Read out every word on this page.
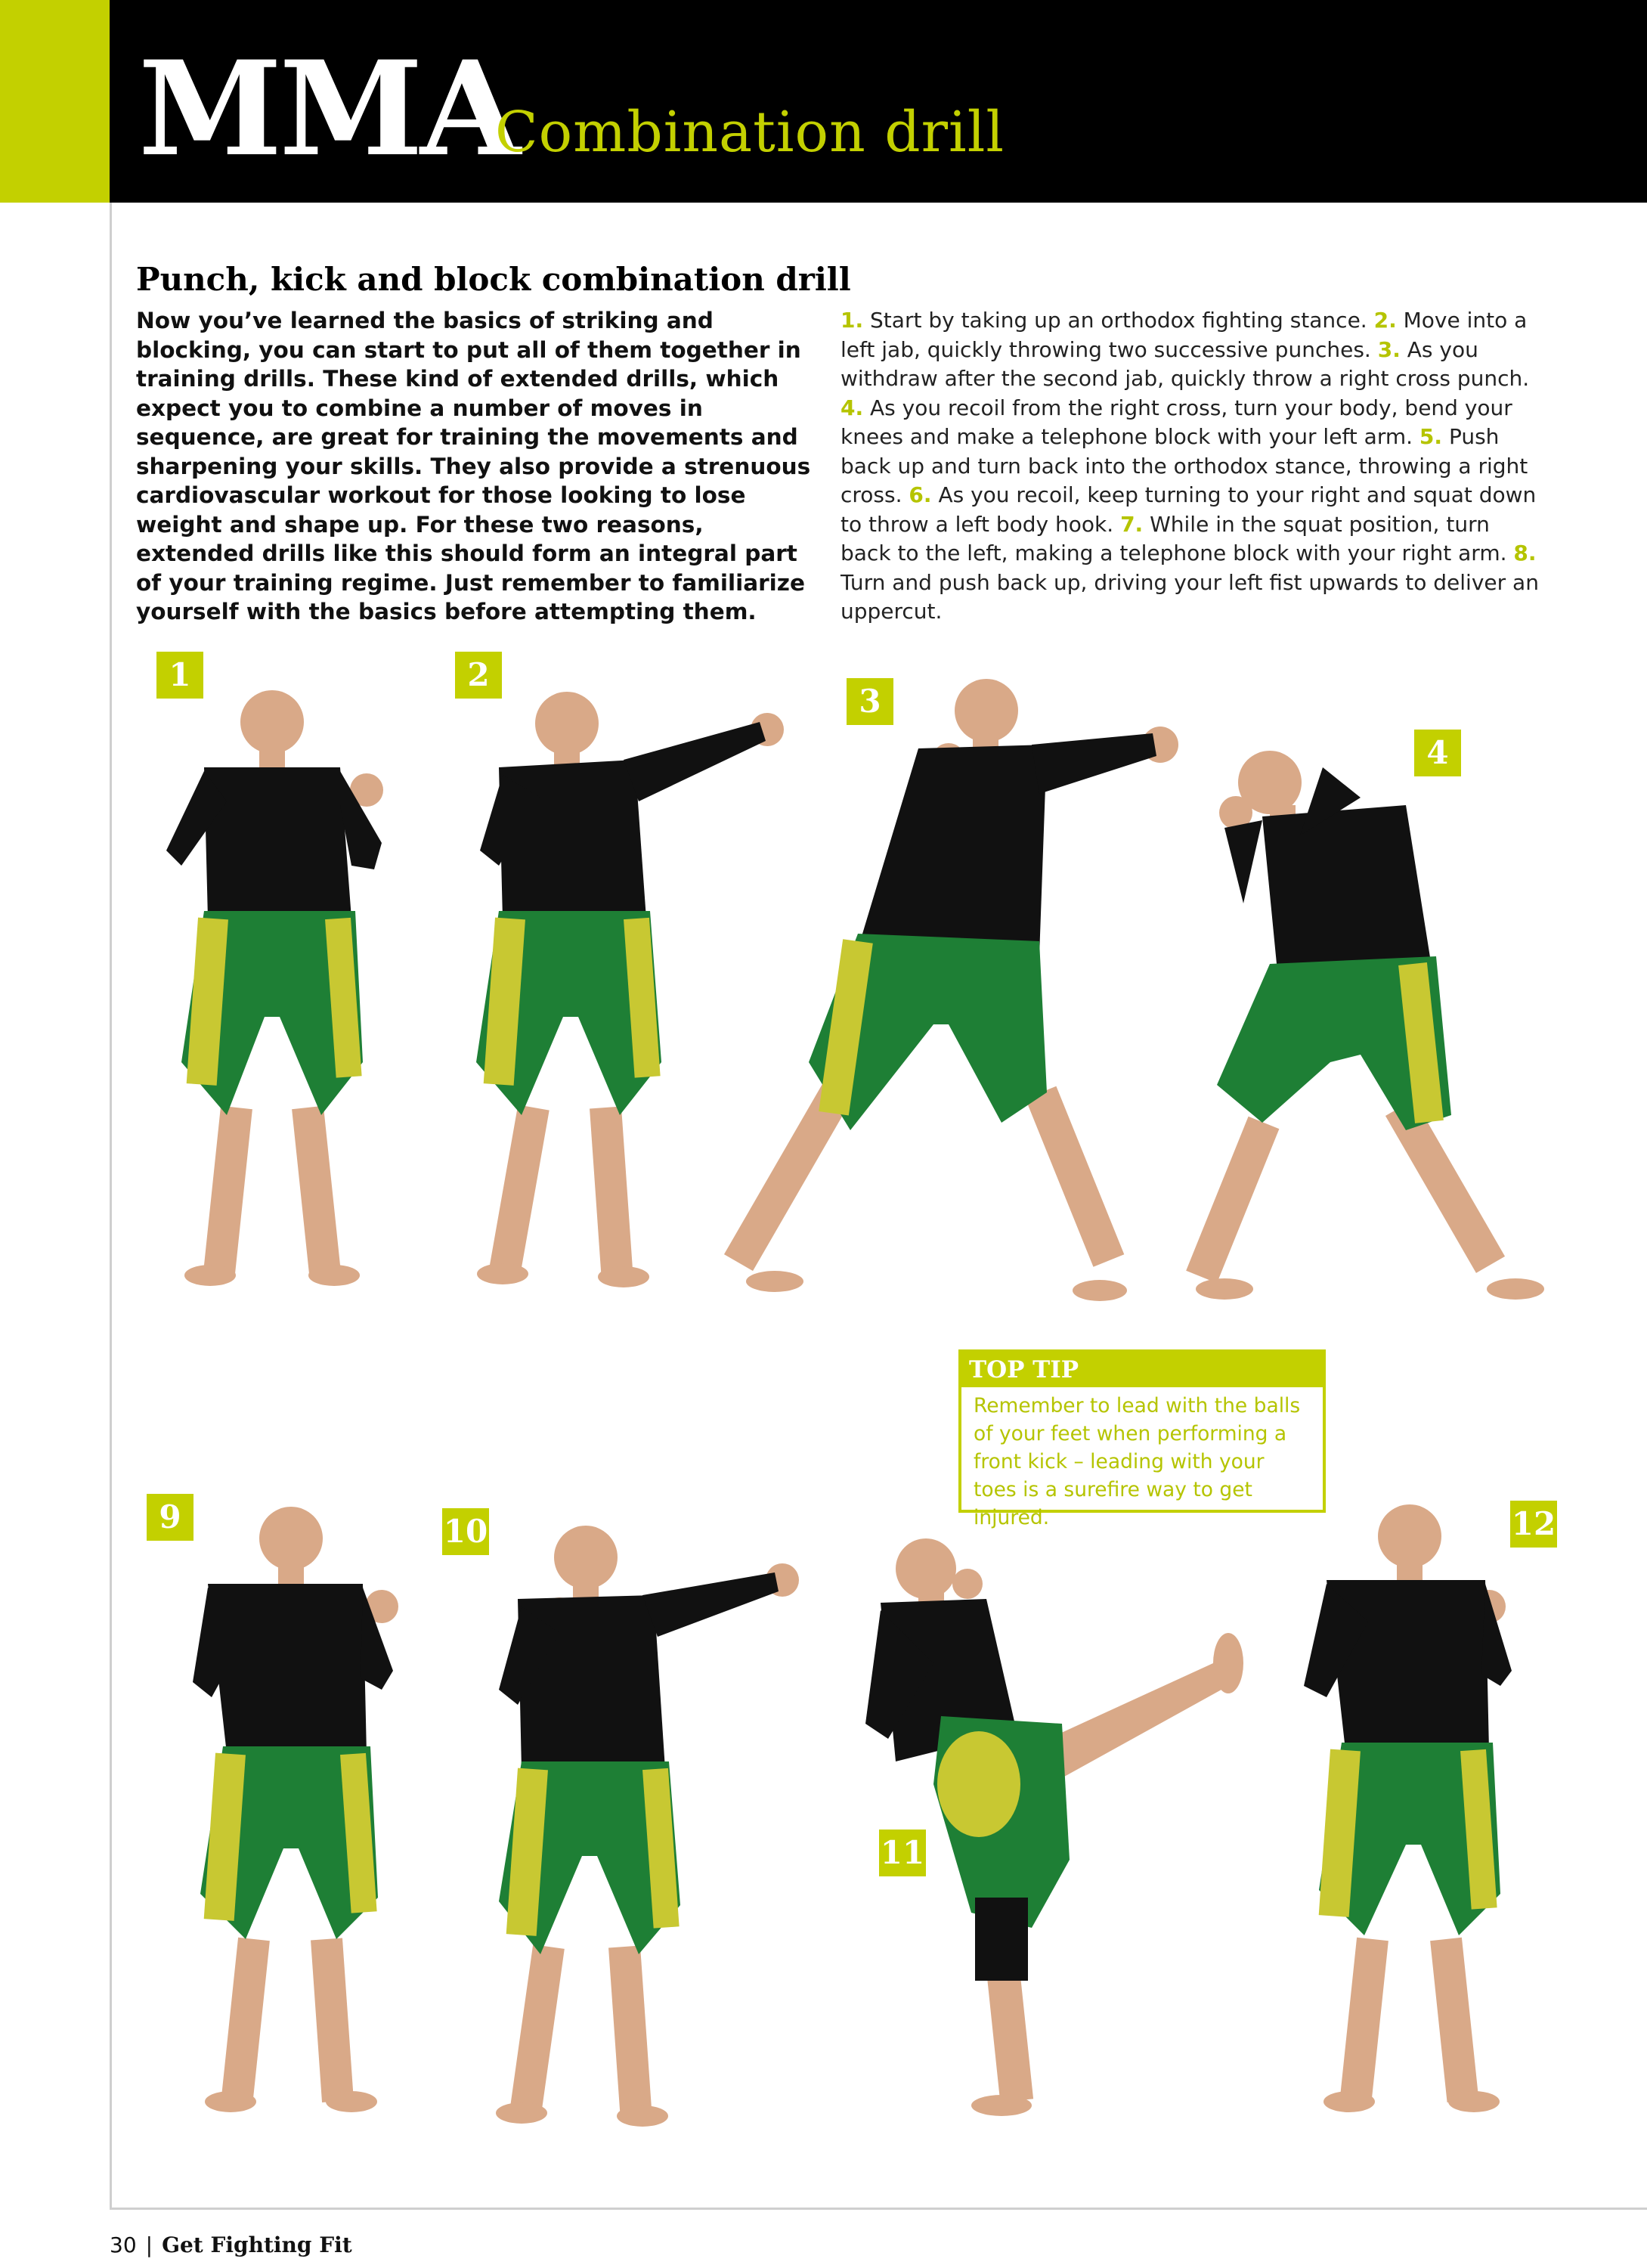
MMA
Combination drill
Punch, kick and block combination drill

Now you’ve learned the basics of striking and blocking, you can start to put all of them together in training drills. These kind of extended drills, which expect you to combine a number of moves in sequence, are great for training the movements and sharpening your skills. They also provide a strenuous cardiovascular workout for those looking to lose weight and shape up. For these two reasons, extended drills like this should form an integral part of your training regime. Just remember to familiarize yourself with the basics before attempting them.

1. Start by taking up an orthodox fighting stance. 2. Move into a left jab, quickly throwing two successive punches. 3. As you withdraw after the second jab, quickly throw a right cross punch. 4. As you recoil from the right cross, turn your body, bend your knees and make a telephone block with your left arm. 5. Push back up and turn back into the orthodox stance, throwing a right cross. 6. As you recoil, keep turning to your right and squat down to throw a left body hook. 7. While in the squat position, turn back to the left, making a telephone block with your right arm. 8. Turn and push back up, driving your left fist upwards to deliver an uppercut.

1	2
3
4
9	10
11
12
TOP TIP
Remember to lead with the balls of your feet when performing a front kick – leading with your toes is a surefire way to get injured.
30 | Get Fighting Fit
